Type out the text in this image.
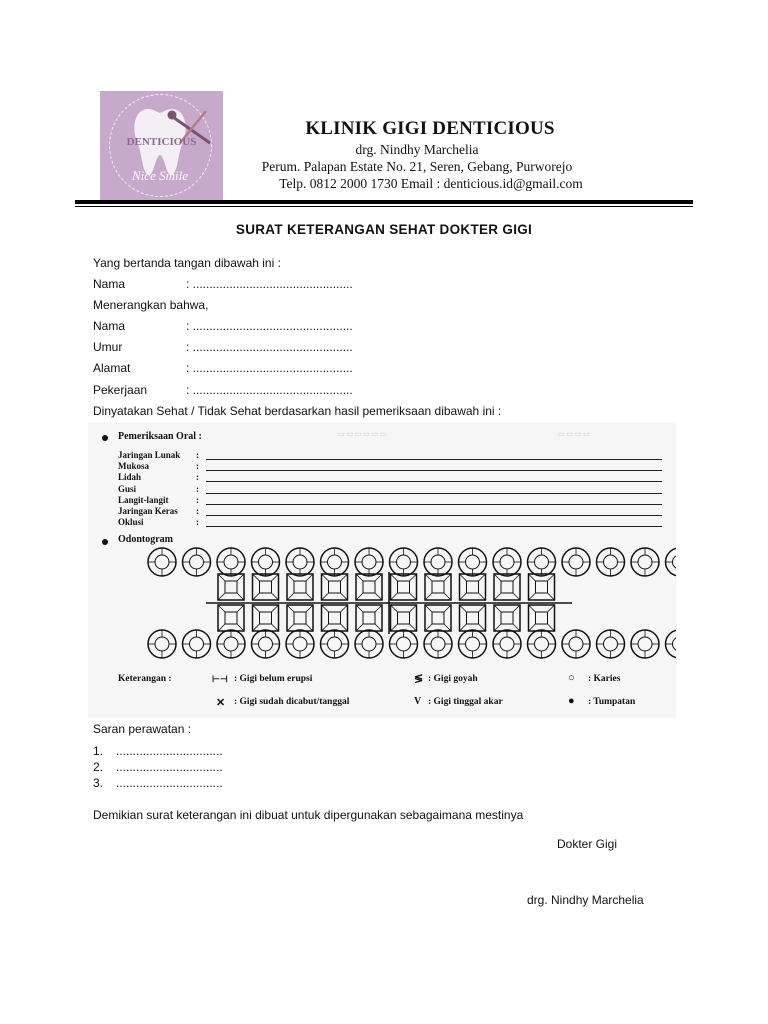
DENTICIOUS
Nice Smile
KLINIK GIGI DENTICIOUS
drg. Nindhy Marchelia
Perum. Palapan Estate No. 21, Seren, Gebang, Purworejo
Telp. 0812 2000 1730 Email : denticious.id@gmail.com
SURAT KETERANGAN SEHAT DOKTER GIGI
Yang bertanda tangan dibawah ini :
Nama	: ................................................
Menerangkan bahwa,
Nama	: ................................................
Umur	: ................................................
Alamat	: ................................................
Pekerjaan	: ................................................
Dinyatakan Sehat / Tidak Sehat berdasarkan hasil pemeriksaan dibawah ini :
▭ ▭ ▭ ▭ ▭ ▭	▭ ▭ ▭ ▭
Pemeriksaan Oral :
Jaringan Lunak :
Mukosa	:
Lidah	:
Gusi	:
Langit-langit	:
Jaringan Keras :
Oklusi	:
Odontogram
Keterangan :	⊢⊣ : Gigi belum erupsi	≶ : Gigi goyah	○ : Karies
✕ : Gigi sudah dicabut/tanggal	V : Gigi tinggal akar	● : Tumpatan
Saran perawatan :
1. ................................
2. ................................
3. ................................
Demikian surat keterangan ini dibuat untuk dipergunakan sebagaimana mestinya
Dokter Gigi
drg. Nindhy Marchelia
